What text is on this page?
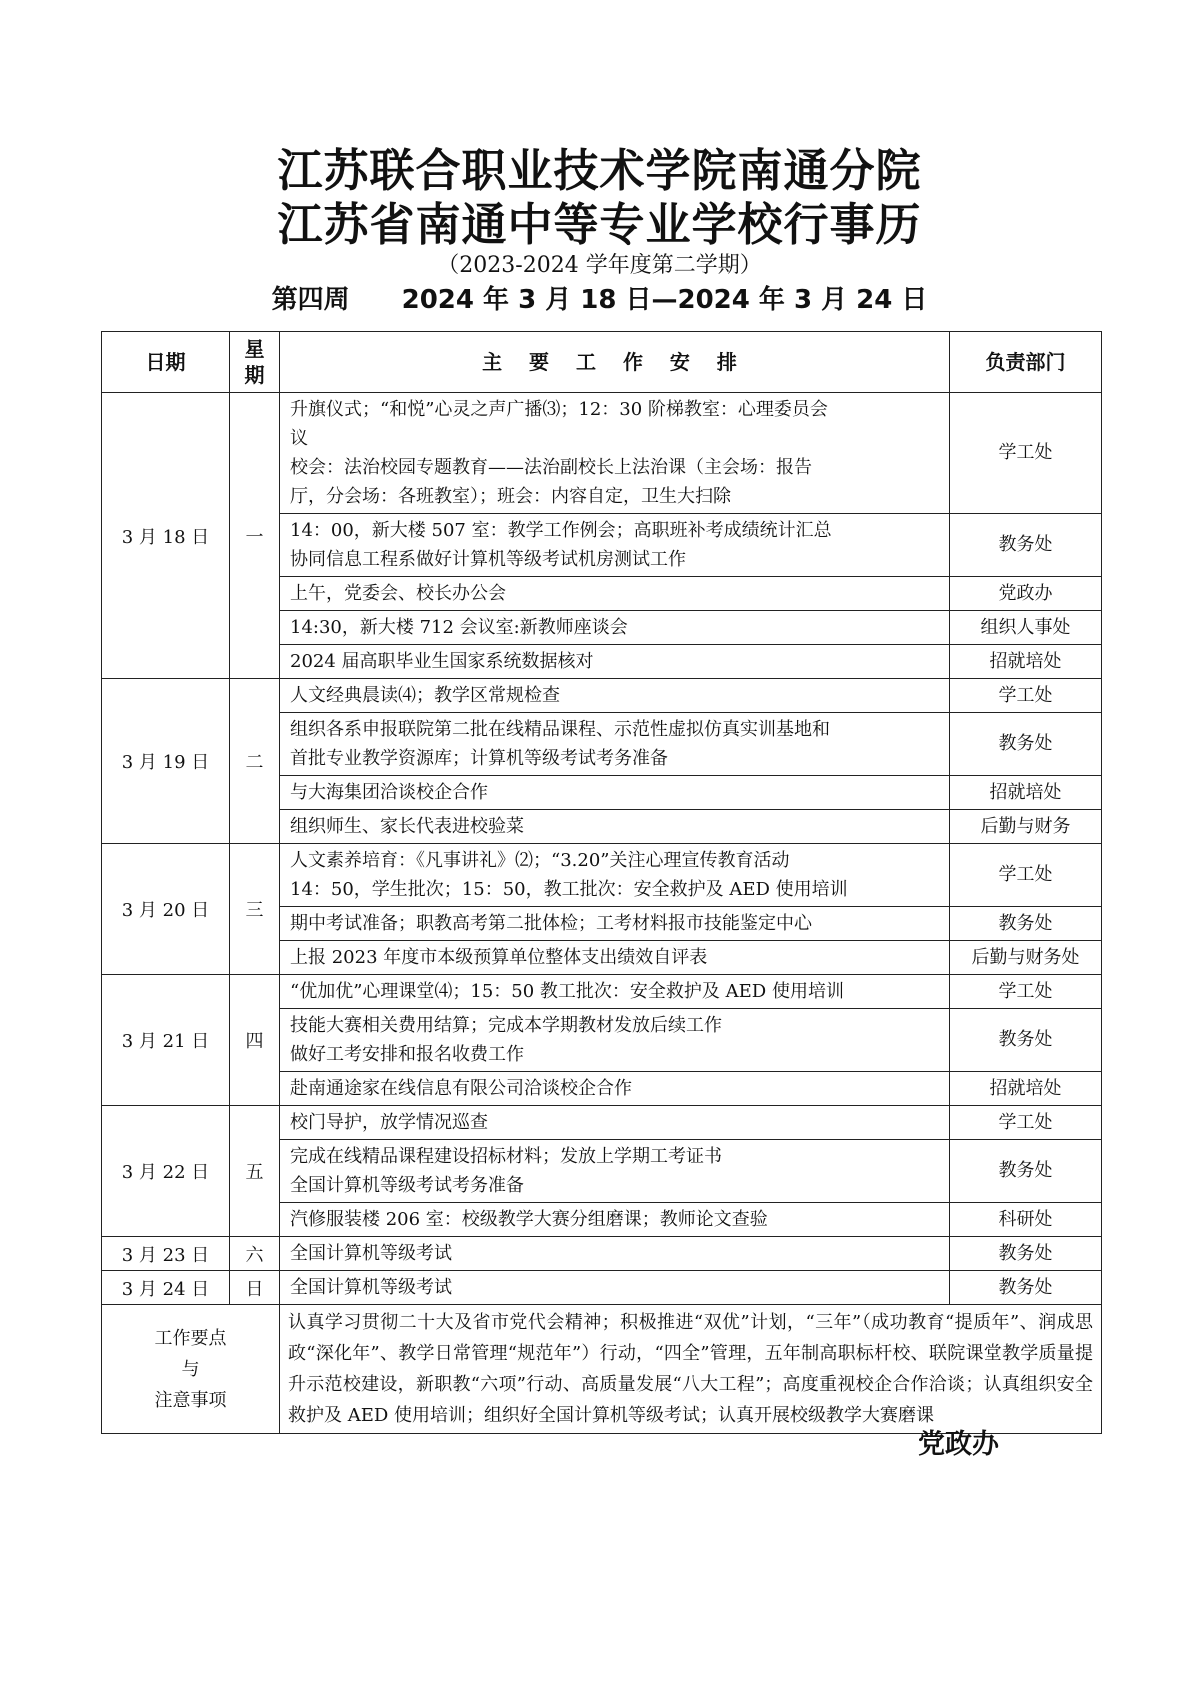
江苏联合职业技术学院南通分院
江苏省南通中等专业学校行事历
（2023-2024 学年度第二学期）
第四周 2024 年 3 月 18 日—2024 年 3 月 24 日
日期	星期	主 要 工 作 安 排	负责部门
3 月 18 日	一	升旗仪式；“和悦”心灵之声广播⑶；12：30 阶梯教室：心理委员会
议
校会：法治校园专题教育——法治副校长上法治课（主会场：报告
厅，分会场：各班教室）；班会：内容自定，卫生大扫除	学工处

		14：00，新大楼 507 室：教学工作例会；高职班补考成绩统计汇总
协同信息工程系做好计算机等级考试机房测试工作	教务处

		上午，党委会、校长办公会	党政办

		14:30，新大楼 712 会议室:新教师座谈会	组织人事处

		2024 届高职毕业生国家系统数据核对	招就培处
3 月 19 日	二	人文经典晨读⑷；教学区常规检查	学工处

		组织各系申报联院第二批在线精品课程、示范性虚拟仿真实训基地和
首批专业教学资源库；计算机等级考试考务准备	教务处

		与大海集团洽谈校企合作	招就培处

		组织师生、家长代表进校验菜	后勤与财务
3 月 20 日	三	人文素养培育：《凡事讲礼》⑵；“3.20”关注心理宣传教育活动
14：50，学生批次；15：50，教工批次：安全救护及 AED 使用培训	学工处

		期中考试准备；职教高考第二批体检；工考材料报市技能鉴定中心	教务处

		上报 2023 年度市本级预算单位整体支出绩效自评表	后勤与财务处
3 月 21 日	四	“优加优”心理课堂⑷；15：50 教工批次：安全救护及 AED 使用培训	学工处

		技能大赛相关费用结算；完成本学期教材发放后续工作
做好工考安排和报名收费工作	教务处

		赴南通途家在线信息有限公司洽谈校企合作	招就培处
3 月 22 日	五	校门导护，放学情况巡查	学工处

		完成在线精品课程建设招标材料；发放上学期工考证书
全国计算机等级考试考务准备	教务处

		汽修服装楼 206 室：校级教学大赛分组磨课；教师论文查验	科研处
3 月 23 日	六	全国计算机等级考试	教务处
3 月 24 日	日	全国计算机等级考试	教务处

工作要点
与
注意事项		认真学习贯彻二十大及省市党代会精神；积极推进“双优”计划，“三年”（成功教育“提质年”、润成思政“深化年”、教学日常管理“规范年”）行动，“四全”管理，五年制高职标杆校、联院课堂教学质量提升示范校建设，新职教“六项”行动、高质量发展“八大工程”；高度重视校企合作洽谈；认真组织安全救护及 AED 使用培训；组织好全国计算机等级考试；认真开展校级教学大赛磨课	
党政办
